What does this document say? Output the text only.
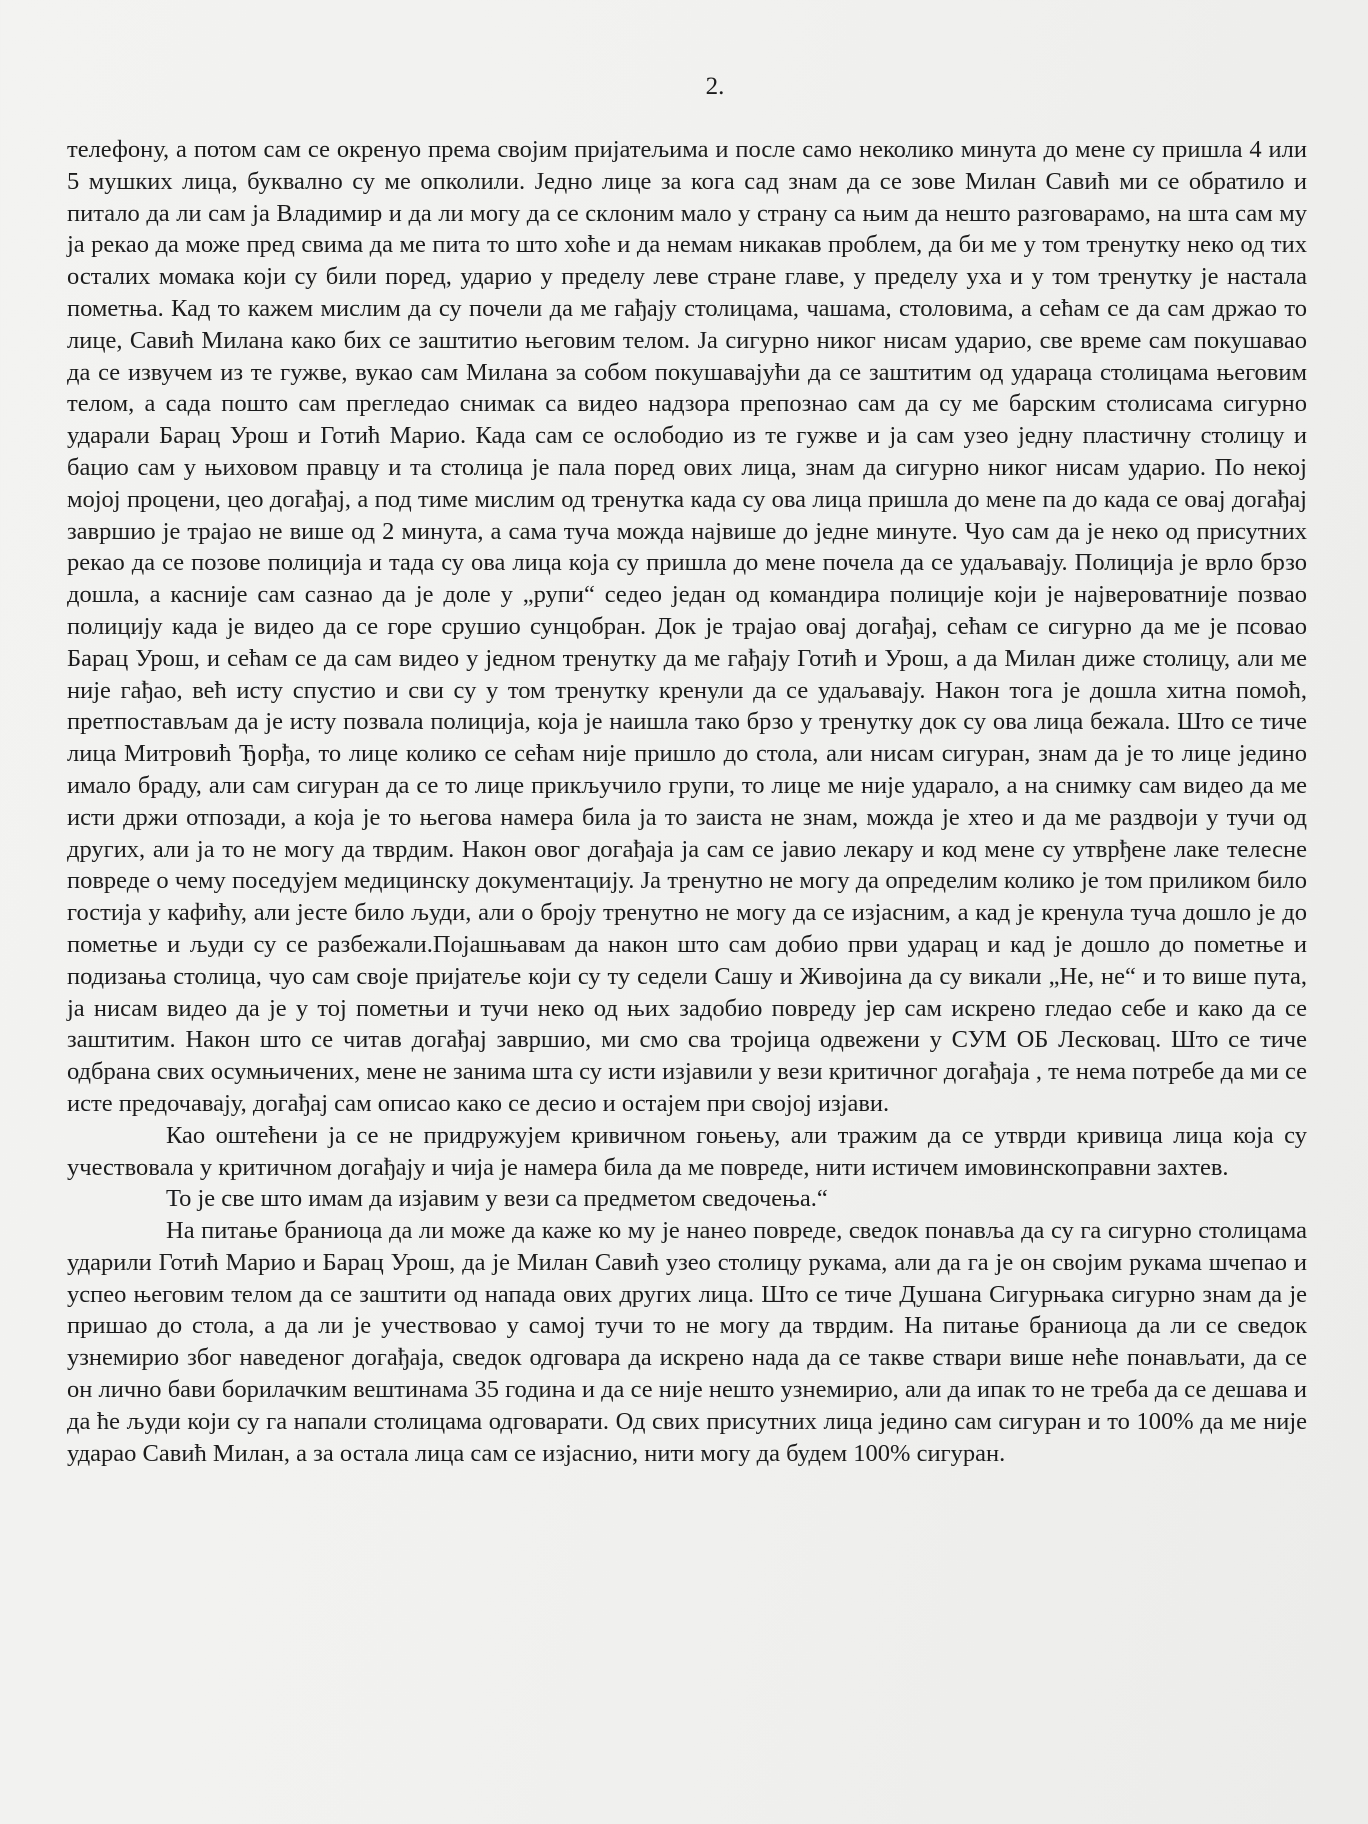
2.

телефону, а потом сам се окренуо према својим пријатељима и после само неколико минута до мене су пришла 4 или 5 мушких лица, буквално су ме опколили. Једно лице за кога сад знам да се зове Милан Савић ми се обратило и питало да ли сам ја Владимир и да ли могу да се склоним мало у страну са њим да нешто разговарамо, на шта сам му ја рекао да може пред свима да ме пита то што хоће и да немам никакав проблем, да би ме у том тренутку неко од тих осталих момака који су били поред, ударио у пределу леве стране главе, у пределу уха и у том тренутку је настала пометња. Кад то кажем мислим да су почели да ме гађају столицама, чашама, столовима, а сећам се да сам држао то лице, Савић Милана како бих се заштитио његовим телом. Ја сигурно никог нисам ударио, све време сам покушавао да се извучем из те гужве, вукао сам Милана за собом покушавајући да се заштитим од ударaца столицама његовим телом, а сада пошто сам прегледао снимак са видео надзора препознао сам да су ме барским столисама сигурно ударали Барац Урош и Готић Марио. Када сам се ослободио из те гужве и ја сам узео једну пластичну столицу и бацио сам у њиховом правцу и та столица је пала поред ових лица, знам да сигурно никог нисам ударио. По некој мојој процени, цео догађај, а под тиме мислим од тренутка када су ова лица пришла до мене па до када се овај догађај завршио је трајао не више од 2 минута, а сама туча можда највише до једне минуте. Чуо сам да је неко од присутних рекао да се позове полиција и тада су ова лица која су пришла до мене почела да се удаљавају. Полиција је врло брзо дошла, а касније сам сазнао да је доле у „рупи“ седео један од командира полиције који је највероватније позвао полицију када је видео да се горе срушио сунцобран. Док је трајао овај догађај, сећам се сигурно да ме је псовао Барац Урош, и сећам се да сам видео у једном тренутку да ме гађају Готић и Урош, а да Милан диже столицу, али ме није гађао, већ исту спустио и сви су у том тренутку кренули да се удаљавају. Након тога је дошла хитна помоћ, претпостављам да је исту позвала полиција, која је наишла тако брзо у тренутку док су ова лица бежала. Што се тиче лица Митровић Ђорђа, то лице колико се сећам није пришло до стола, али нисам сигуран, знам да је то лице једино имало браду, али сам сигуран да се то лице прикључило групи, то лице ме није ударало, а на снимку сам видео да ме исти држи отпозади, а која је то његова намера била ја то заиста не знам, можда је хтео и да ме раздвоји у тучи од других, али ја то не могу да тврдим. Након овог догађаја ја сам се јавио лекару и код мене су утврђене лаке телесне повреде о чему поседујем медицинску документацију. Ја тренутно не могу да определим колико је том приликом било гостија у кафићу, али јесте било људи, али о броју тренутно не могу да се изјасним, а кад је кренула туча дошло је до пометње и људи су се разбежали.Појашњавам да након што сам добио први ударац и кад је дошло до пометње и подизања столица, чуо сам своје пријатеље који су ту седели Сашу и Живојина да су викали „Не, не“ и то више пута, ја нисам видео да је у тој пометњи и тучи неко од њих задобио повреду јер сам искрено гледао себе и како да се заштитим. Након што се читав догађај завршио, ми смо сва тројица одвежени у СУМ ОБ Лесковац. Што се тиче одбрана свих осумњичених, мене не занима шта су исти изјавили у вези критичног догађаја , те нема потребе да ми се исте предочавају, догађај сам описао како се десио и остајем при својој изјави.

Као оштећени ја се не придружујем кривичном гоњењу, али тражим да се утврди кривица лица која су учествовала у критичном догађају и чија је намера била да ме повреде, нити истичем имовинскоправни захтев.

То је све што имам да изјавим у вези са предметом сведочења.“

На питање браниоца да ли може да каже ко му је нанео повреде, сведок понавља да су га сигурно столицама ударили Готић Марио и Барац Урош, да је Милан Савић узео столицу рукама, али да га је он својим рукама шчепао и успео његовим телом да се заштити од напада ових других лица. Што се тиче Душана Сигурњака сигурно знам да је пришао до стола, а да ли је учествовао у самој тучи то не могу да тврдим. На питање браниоца да ли се сведок узнемирио због наведеног догађаја, сведок одговара да искрено нада да се такве ствари више неће понављати, да се он лично бави борилачким вештинама 35 година и да се није нешто узнемирио, али да ипак то не треба да се дешава и да ће људи који су га напали столицама одговарати. Од свих присутних лица једино сам сигуран и то 100% да ме није ударао Савић Милан, а за остала лица сам се изјаснио, нити могу да будем 100% сигуран.
